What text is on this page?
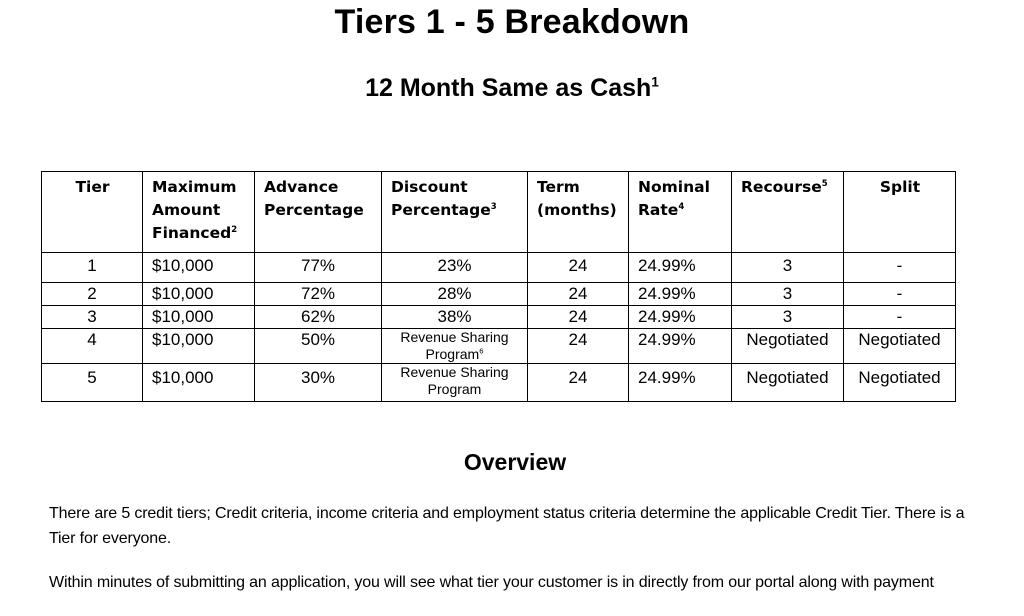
Tiers 1 - 5 Breakdown
12 Month Same as Cash$^1$
Tier	Maximum Amount Financed$^2$	Advance Percentage	Discount Percentage$^3$	Term (months)	Nominal Rate$^4$	Recourse$^5$	Split
1	$10,000	77%	23%	24	24.99%	3	-
2	$10,000	72%	28%	24	24.99%	3	-
3	$10,000	62%	38%	24	24.99%	3	-
4	$10,000	50%	Revenue Sharing Program$^6$	24	24.99%	Negotiated	Negotiated
5	$10,000	30%	Revenue Sharing Program	24	24.99%	Negotiated	Negotiated
Overview
There are 5 credit tiers; Credit criteria, income criteria and employment status criteria determine the applicable Credit Tier. There is a Tier for everyone.
Within minutes of submitting an application, you will see what tier your customer is in directly from our portal along with payment
